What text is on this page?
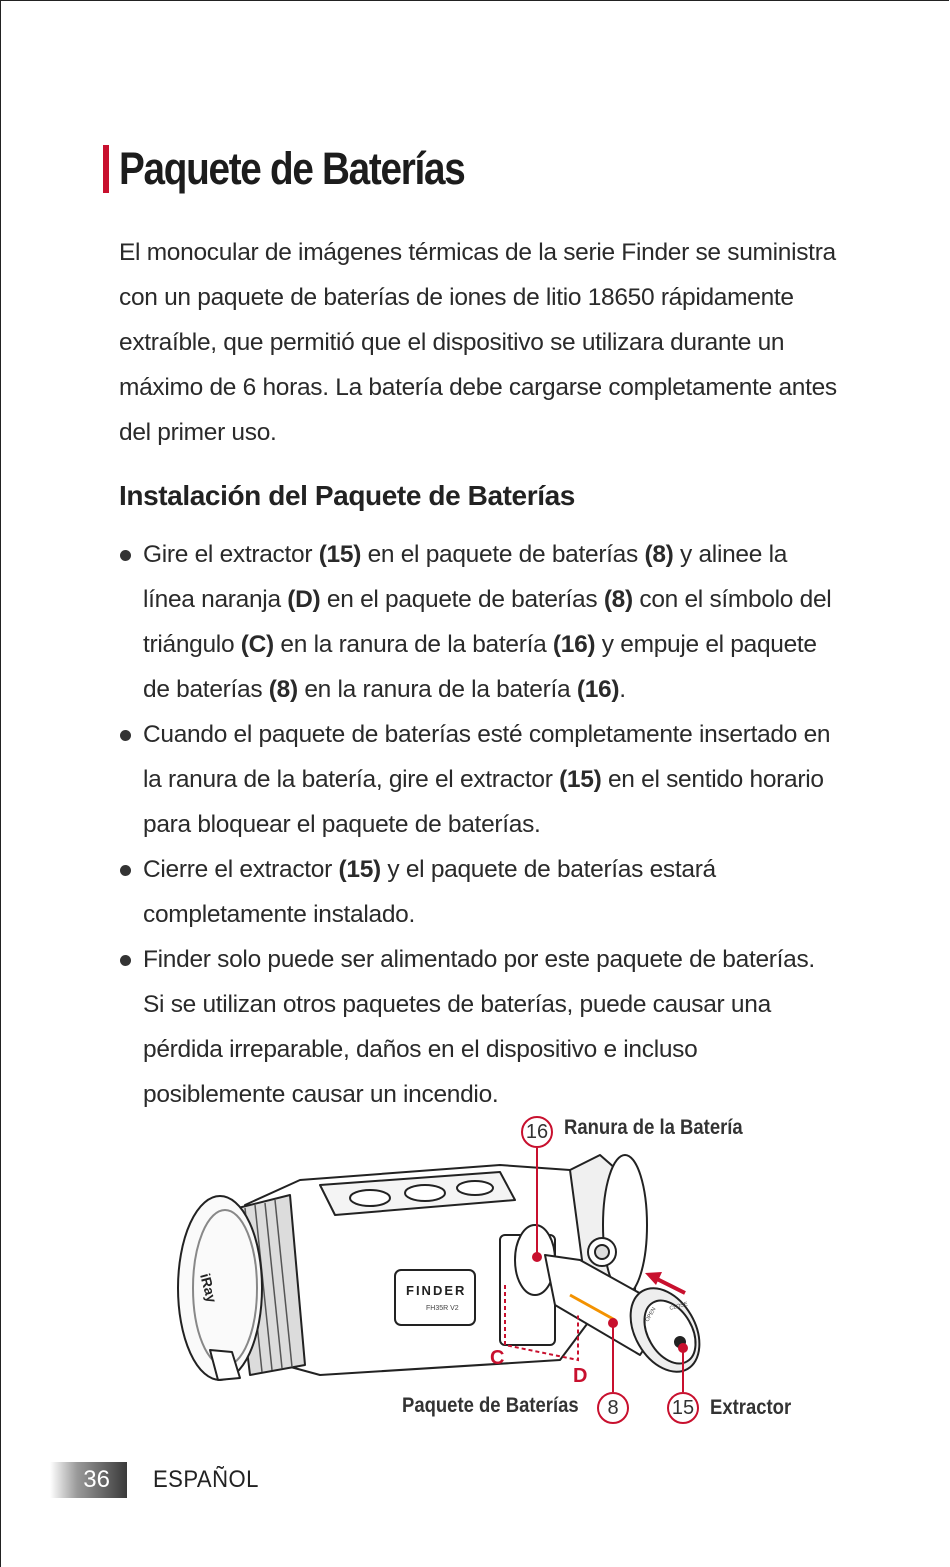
Paquete de Baterías

El monocular de imágenes térmicas de la serie Finder se suministra con un paquete de baterías de iones de litio 18650 rápidamente extraíble, que permitió que el dispositivo se utilizara durante un máximo de 6 horas. La batería debe cargarse completamente antes del primer uso.

Instalación del Paquete de Baterías
Gire el extractor (15) en el paquete de baterías (8) y alinee la línea naranja (D) en el paquete de baterías (8) con el símbolo del triángulo (C) en la ranura de la batería (16) y empuje el paquete de baterías (8) en la ranura de la batería (16).
Cuando el paquete de baterías esté completamente insertado en la ranura de la batería, gire el extractor (15) en el sentido horario para bloquear el paquete de baterías.
Cierre el extractor (15) y el paquete de baterías estará completamente instalado.
Finder solo puede ser alimentado por este paquete de baterías. Si se utilizan otros paquetes de baterías, puede causar una pérdida irreparable, daños en el dispositivo e incluso posiblemente causar un incendio.
iRay	FINDER
FH35R V2	OPEN CLOSE
16 Ranura de la Batería
C
D
Paquete de Baterías	8	15 Extractor
36	ESPAÑOL
